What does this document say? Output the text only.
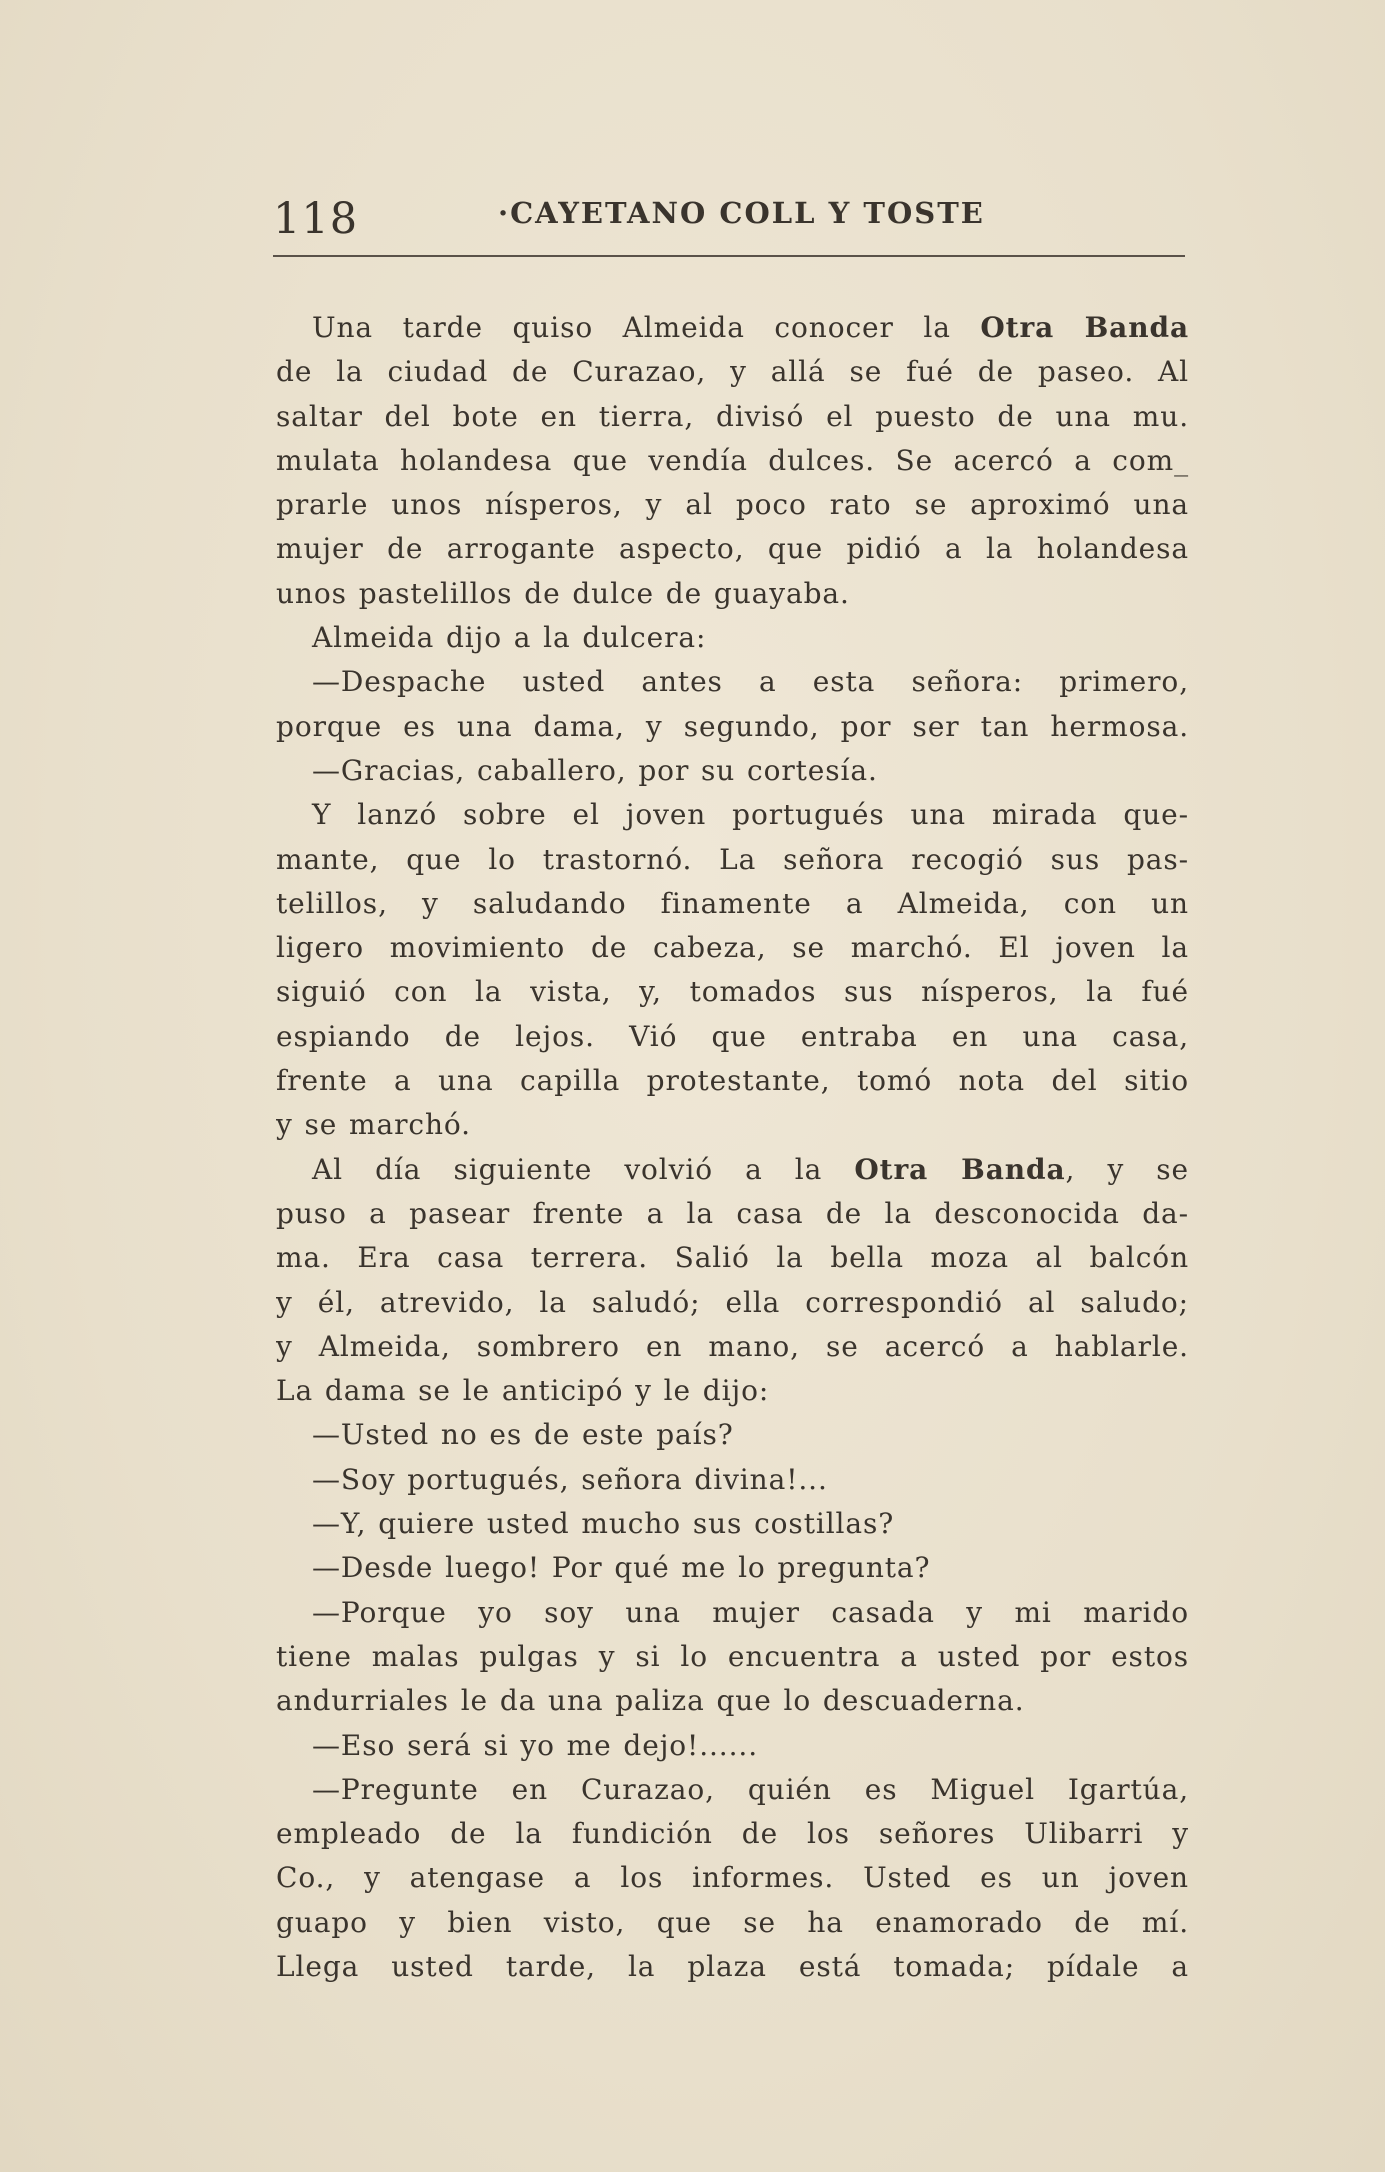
118	·CAYETANO COLL Y TOSTE
Una tarde quiso Almeida conocer la Otra Banda
de la ciudad de Curazao, y allá se fué de paseo. Al
saltar del bote en tierra, divisó el puesto de una mu.
mulata holandesa que vendía dulces. Se acercó a com_
prarle unos nísperos, y al poco rato se aproximó una
mujer de arrogante aspecto, que pidió a la holandesa
unos pastelillos de dulce de guayaba.
Almeida dijo a la dulcera:
—Despache usted antes a esta señora: primero,
porque es una dama, y segundo, por ser tan hermosa.
—Gracias, caballero, por su cortesía.
Y lanzó sobre el joven portugués una mirada que-
mante, que lo trastornó. La señora recogió sus pas-
telillos, y saludando finamente a Almeida, con un
ligero movimiento de cabeza, se marchó. El joven la
siguió con la vista, y, tomados sus nísperos, la fué
espiando de lejos. Vió que entraba en una casa,
frente a una capilla protestante, tomó nota del sitio
y se marchó.
Al día siguiente volvió a la Otra Banda, y se
puso a pasear frente a la casa de la desconocida da-
ma. Era casa terrera. Salió la bella moza al balcón
y él, atrevido, la saludó; ella correspondió al saludo;
y Almeida, sombrero en mano, se acercó a hablarle.
La dama se le anticipó y le dijo:
—Usted no es de este país?
—Soy portugués, señora divina!...
—Y, quiere usted mucho sus costillas?
—Desde luego! Por qué me lo pregunta?
—Porque yo soy una mujer casada y mi marido
tiene malas pulgas y si lo encuentra a usted por estos
andurriales le da una paliza que lo descuaderna.
—Eso será si yo me dejo!......
—Pregunte en Curazao, quién es Miguel Igartúa,
empleado de la fundición de los señores Ulibarri y
Co., y atengase a los informes. Usted es un joven
guapo y bien visto, que se ha enamorado de mí.
Llega usted tarde, la plaza está tomada; pídale a
